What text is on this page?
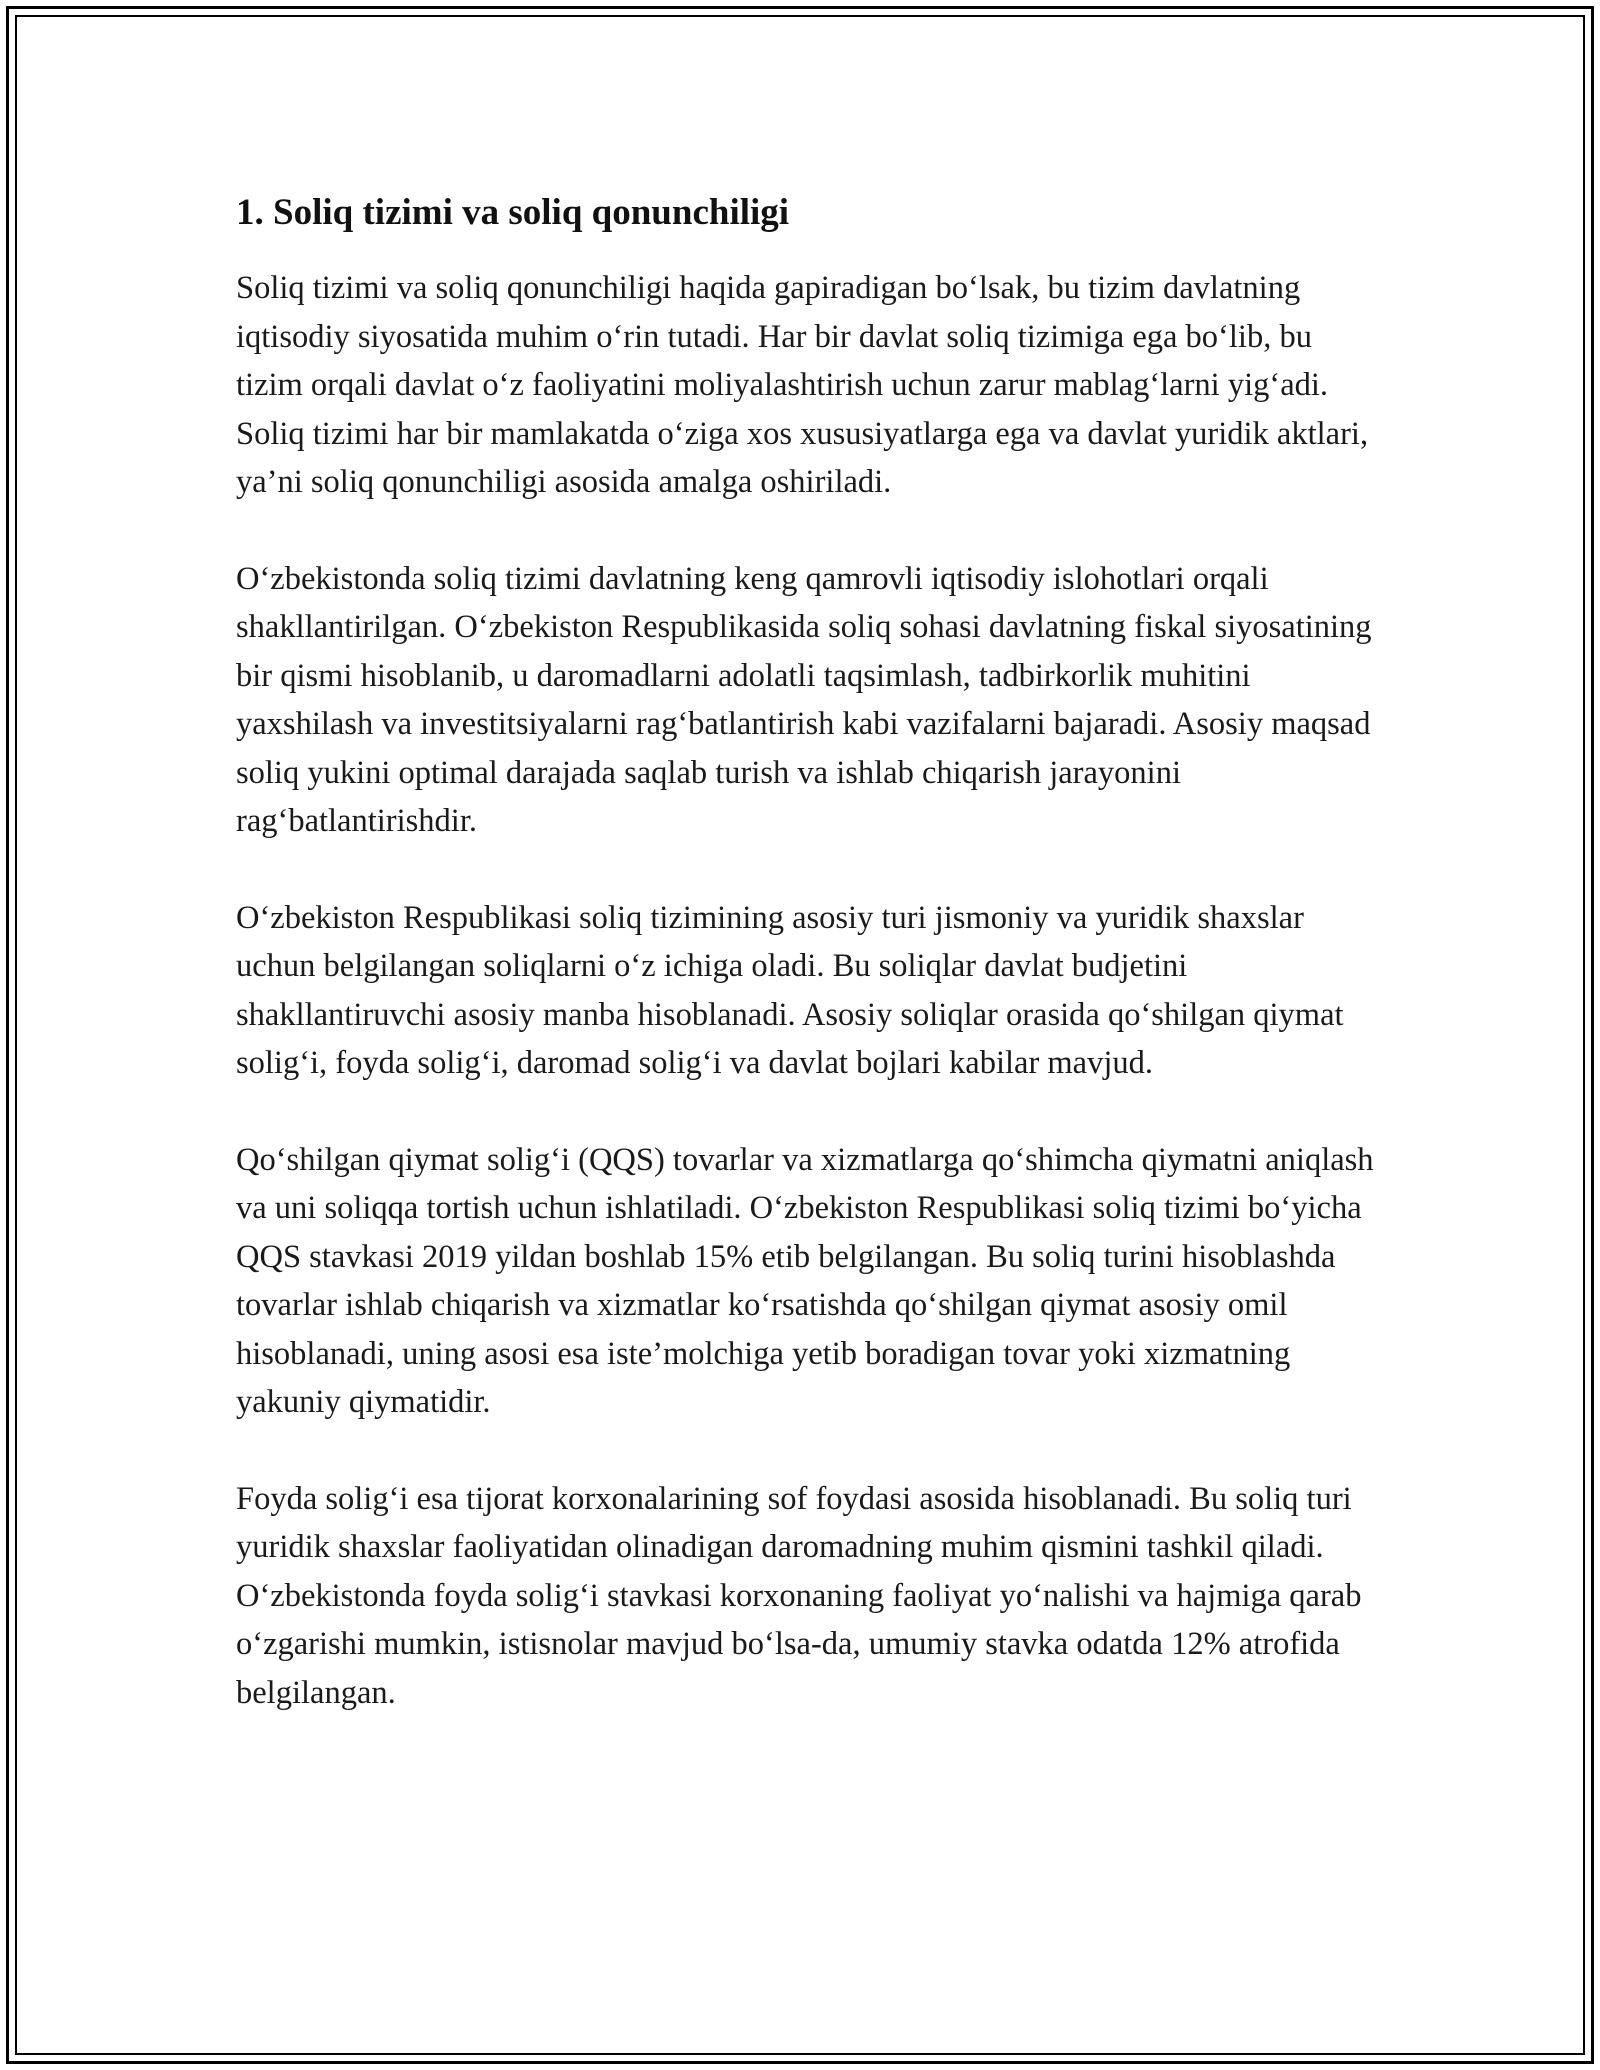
1. Soliq tizimi va soliq qonunchiligi

Soliq tizimi va soliq qonunchiligi haqida gapiradigan bo‘lsak, bu tizim davlatning iqtisodiy siyosatida muhim o‘rin tutadi. Har bir davlat soliq tizimiga ega bo‘lib, bu tizim orqali davlat o‘z faoliyatini moliyalashtirish uchun zarur mablag‘larni yig‘adi. Soliq tizimi har bir mamlakatda o‘ziga xos xususiyatlarga ega va davlat yuridik aktlari, ya’ni soliq qonunchiligi asosida amalga oshiriladi.

O‘zbekistonda soliq tizimi davlatning keng qamrovli iqtisodiy islohotlari orqali shakllantirilgan. O‘zbekiston Respublikasida soliq sohasi davlatning fiskal siyosatining bir qismi hisoblanib, u daromadlarni adolatli taqsimlash, tadbirkorlik muhitini yaxshilash va investitsiyalarni rag‘batlantirish kabi vazifalarni bajaradi. Asosiy maqsad soliq yukini optimal darajada saqlab turish va ishlab chiqarish jarayonini rag‘batlantirishdir.

O‘zbekiston Respublikasi soliq tizimining asosiy turi jismoniy va yuridik shaxslar uchun belgilangan soliqlarni o‘z ichiga oladi. Bu soliqlar davlat budjetini shakllantiruvchi asosiy manba hisoblanadi. Asosiy soliqlar orasida qo‘shilgan qiymat solig‘i, foyda solig‘i, daromad solig‘i va davlat bojlari kabilar mavjud.

Qo‘shilgan qiymat solig‘i (QQS) tovarlar va xizmatlarga qo‘shimcha qiymatni aniqlash va uni soliqqa tortish uchun ishlatiladi. O‘zbekiston Respublikasi soliq tizimi bo‘yicha QQS stavkasi 2019 yildan boshlab 15% etib belgilangan. Bu soliq turini hisoblashda tovarlar ishlab chiqarish va xizmatlar ko‘rsatishda qo‘shilgan qiymat asosiy omil hisoblanadi, uning asosi esa iste’molchiga yetib boradigan tovar yoki xizmatning yakuniy qiymatidir.

Foyda solig‘i esa tijorat korxonalarining sof foydasi asosida hisoblanadi. Bu soliq turi yuridik shaxslar faoliyatidan olinadigan daromadning muhim qismini tashkil qiladi. O‘zbekistonda foyda solig‘i stavkasi korxonaning faoliyat yo‘nalishi va hajmiga qarab o‘zgarishi mumkin, istisnolar mavjud bo‘lsa-da, umumiy stavka odatda 12% atrofida belgilangan.
